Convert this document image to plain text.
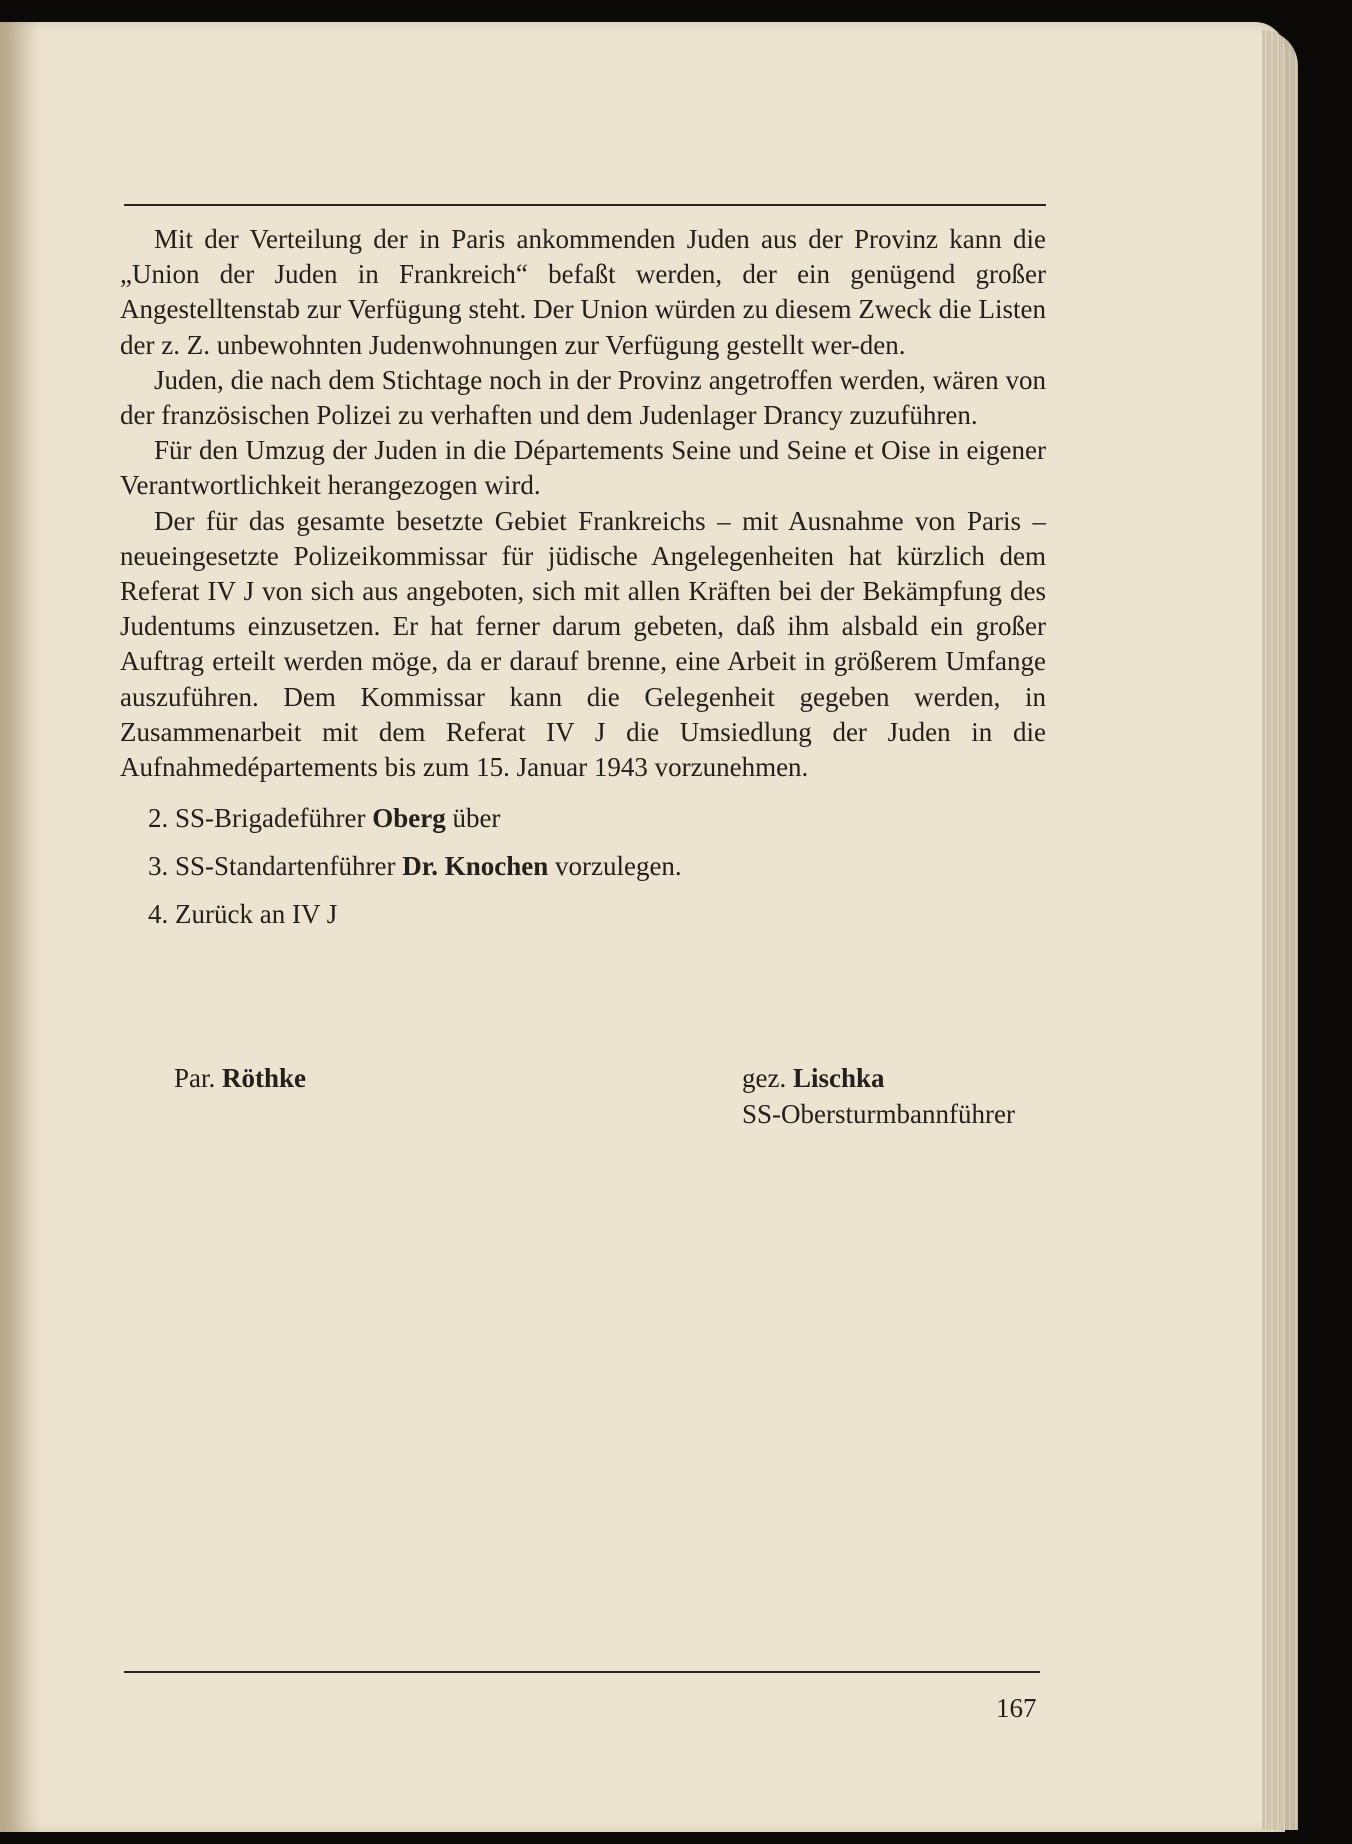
Mit der Verteilung der in Paris ankommenden Juden aus der Provinz kann die „Union der Juden in Frankreich“ befaßt werden, der ein genügend großer Angestelltenstab zur Verfügung steht. Der Union würden zu diesem Zweck die Listen der z. Z. unbewohnten Judenwohnungen zur Verfügung gestellt wer-den.

Juden, die nach dem Stichtage noch in der Provinz angetroffen werden, wären von der französischen Polizei zu verhaften und dem Judenlager Drancy zuzuführen.

Für den Umzug der Juden in die Départements Seine und Seine et Oise in eigener Verantwortlichkeit herangezogen wird.

Der für das gesamte besetzte Gebiet Frankreichs – mit Ausnahme von Paris – neueingesetzte Polizeikommissar für jüdische Angelegenheiten hat kürzlich dem Referat IV J von sich aus angeboten, sich mit allen Kräften bei der Bekämpfung des Judentums einzusetzen. Er hat ferner darum gebeten, daß ihm alsbald ein großer Auftrag erteilt werden möge, da er darauf brenne, eine Arbeit in größerem Umfange auszuführen. Dem Kommissar kann die Gelegenheit gegeben werden, in Zusammenarbeit mit dem Referat IV J die Umsiedlung der Juden in die Aufnahmedépartements bis zum 15. Januar 1943 vorzunehmen.

2. SS-Brigadeführer Oberg über
3. SS-Standartenführer Dr. Knochen vorzulegen.
4. Zurück an IV J
Par. Röthke	gez. Lischka
SS-Obersturmbannführer
167
